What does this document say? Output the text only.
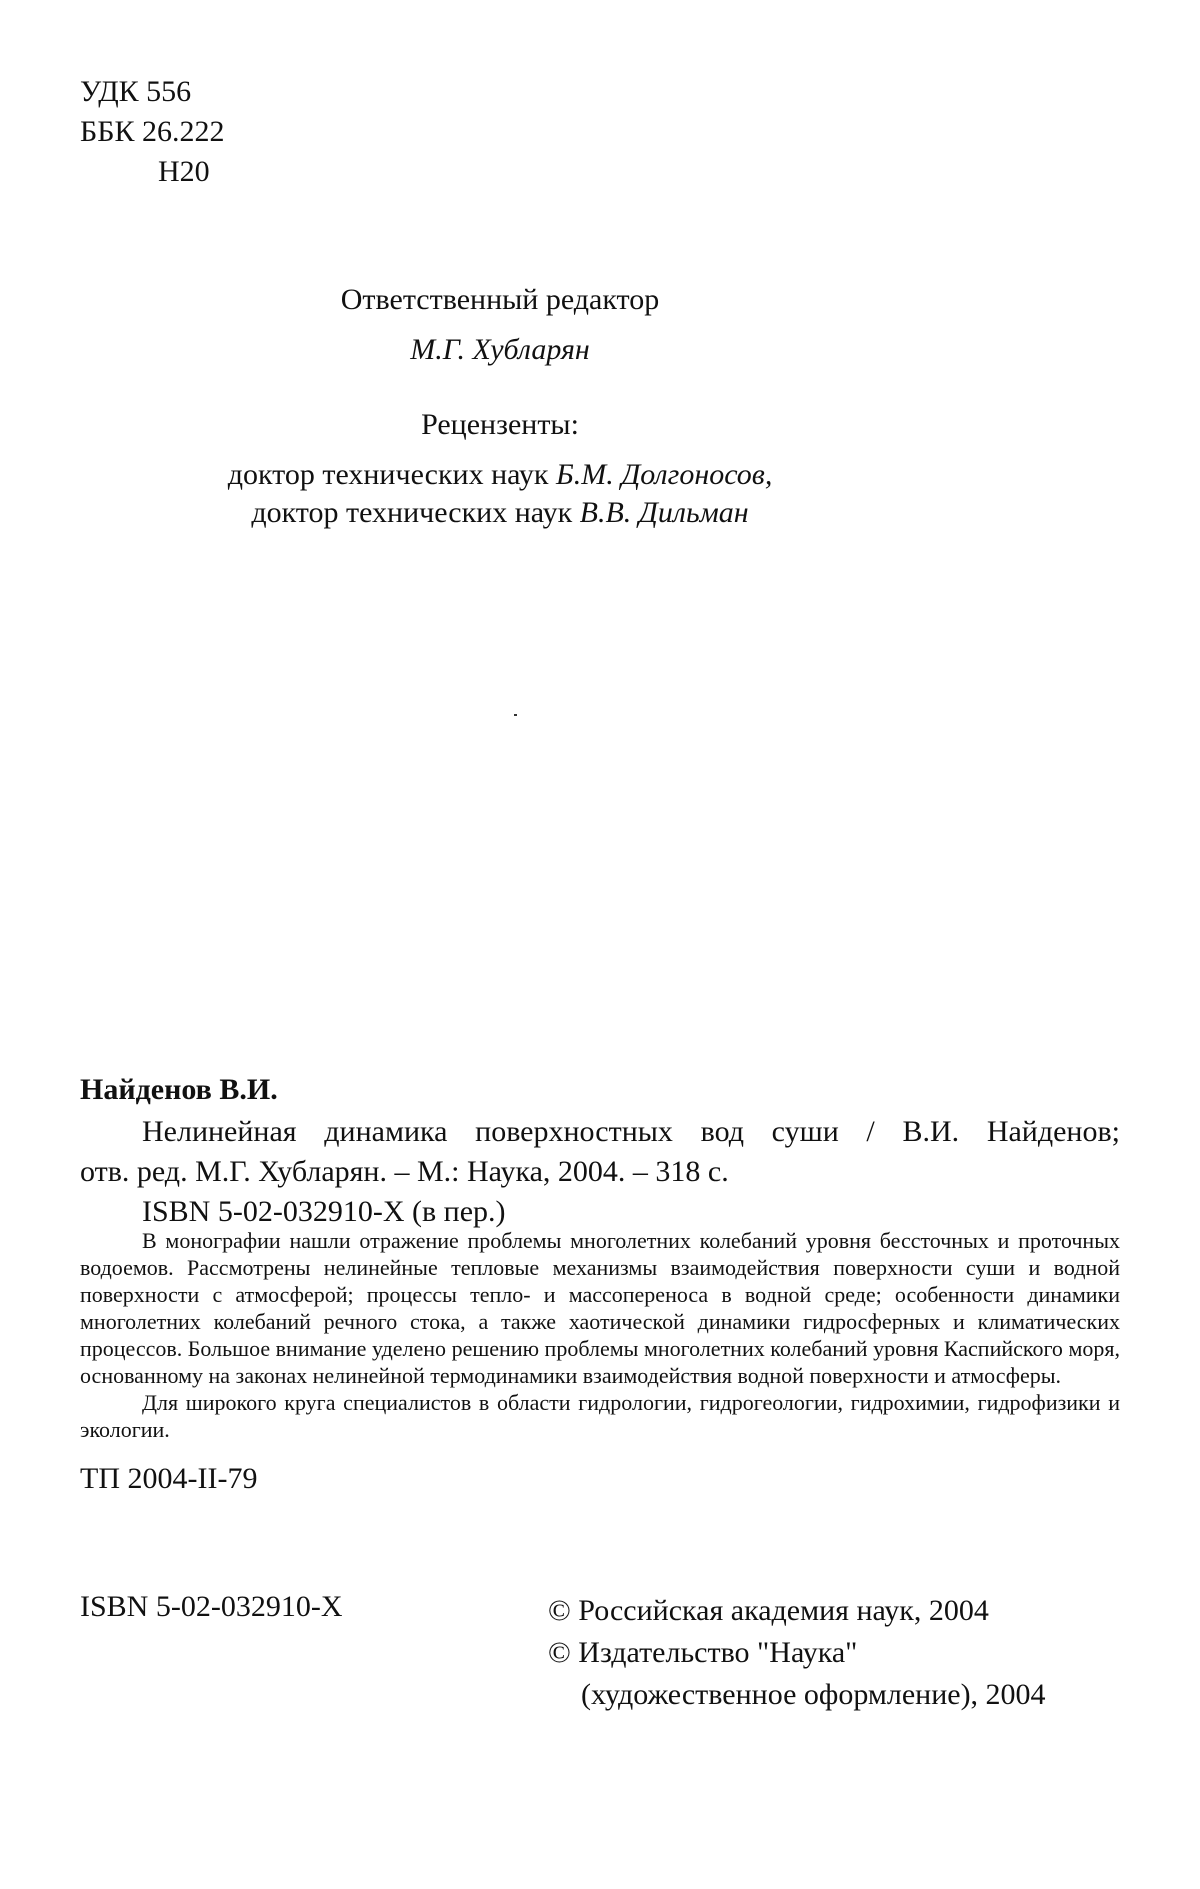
УДК 556
ББК 26.222
Н20
Ответственный редактор
М.Г. Хубларян
Рецензенты:
доктор технических наук Б.М. Долгоносов,
доктор технических наук В.В. Дильман
Найденов В.И.
Нелинейная динамика поверхностных вод суши / В.И. Найденов;
отв. ред. М.Г. Хубларян. – М.: Наука, 2004. – 318 с.
ISBN 5-02-032910-X (в пер.)

В монографии нашли отражение проблемы многолетних колебаний уровня бессточных и проточных водоемов. Рассмотрены нелинейные тепловые механизмы взаимодействия поверхности суши и водной поверхности с атмосферой; процессы тепло- и массопереноса в водной среде; особенности динамики многолетних колебаний речного стока, а также хаотической динамики гидросферных и климатических процессов. Большое внимание уделено решению проблемы многолетних колебаний уровня Каспийского моря, основанному на законах нелинейной термодинамики взаимодействия водной поверхности и атмосферы.

Для широкого круга специалистов в области гидрологии, гидрогеологии, гидрохимии, гидрофизики и экологии.

ТП 2004-II-79
ISBN 5-02-032910-X	© Российская академия наук, 2004
© Издательство "Наука"
(художественное оформление), 2004
